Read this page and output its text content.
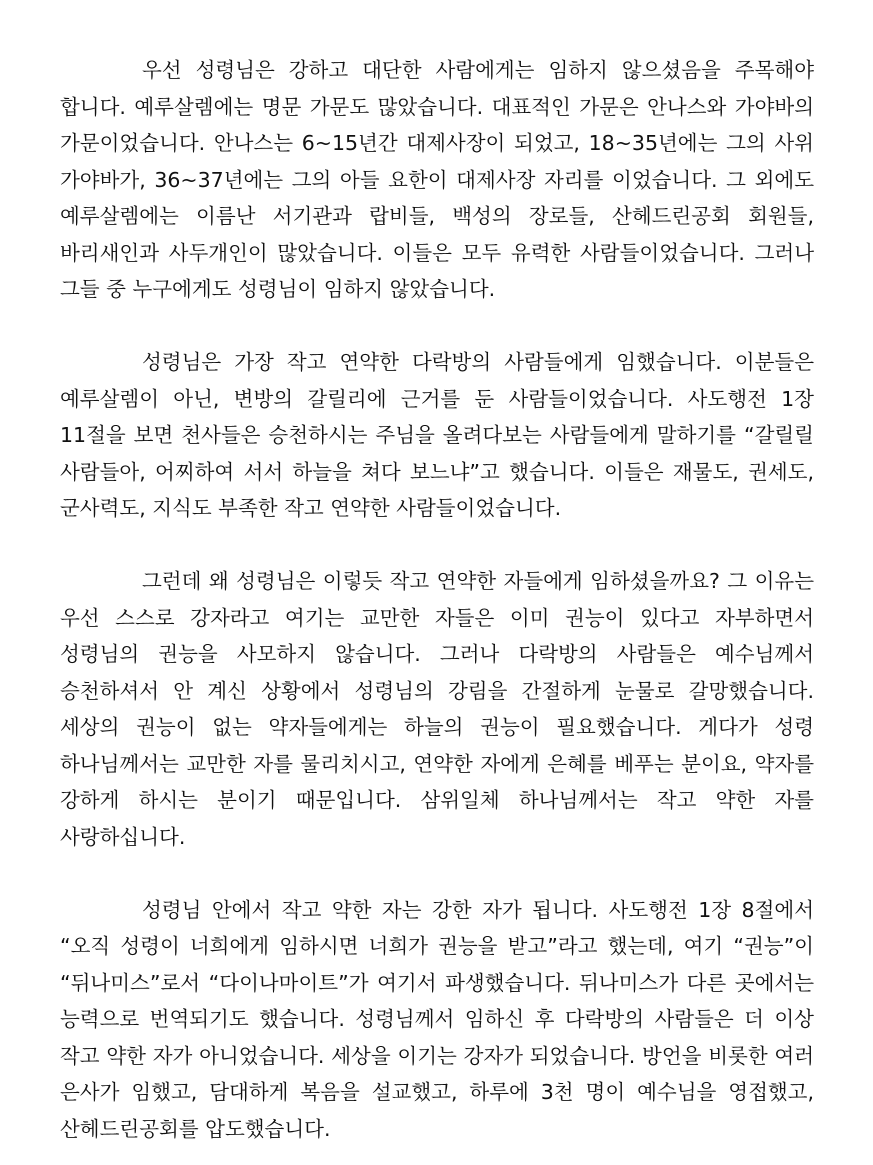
우선 성령님은 강하고 대단한 사람에게는 임하지 않으셨음을 주목해야 합니다. 예루살렘에는 명문 가문도 많았습니다. 대표적인 가문은 안나스와 가야바의 가문이었습니다. 안나스는 6~15년간 대제사장이 되었고, 18~35년에는 그의 사위 가야바가, 36~37년에는 그의 아들 요한이 대제사장 자리를 이었습니다. 그 외에도 예루살렘에는 이름난 서기관과 랍비들, 백성의 장로들, 산헤드린공회 회원들, 바리새인과 사두개인이 많았습니다. 이들은 모두 유력한 사람들이었습니다. 그러나 그들 중 누구에게도 성령님이 임하지 않았습니다.

성령님은 가장 작고 연약한 다락방의 사람들에게 임했습니다. 이분들은 예루살렘이 아닌, 변방의 갈릴리에 근거를 둔 사람들이었습니다. 사도행전 1장 11절을 보면 천사들은 승천하시는 주님을 올려다보는 사람들에게 말하기를 “갈릴릴 사람들아, 어찌하여 서서 하늘을 쳐다 보느냐”고 했습니다. 이들은 재물도, 권세도, 군사력도, 지식도 부족한 작고 연약한 사람들이었습니다.

그런데 왜 성령님은 이렇듯 작고 연약한 자들에게 임하셨을까요? 그 이유는 우선 스스로 강자라고 여기는 교만한 자들은 이미 권능이 있다고 자부하면서 성령님의 권능을 사모하지 않습니다. 그러나 다락방의 사람들은 예수님께서 승천하셔서 안 계신 상황에서 성령님의 강림을 간절하게 눈물로 갈망했습니다. 세상의 권능이 없는 약자들에게는 하늘의 권능이 필요했습니다. 게다가 성령 하나님께서는 교만한 자를 물리치시고, 연약한 자에게 은혜를 베푸는 분이요, 약자를 강하게 하시는 분이기 때문입니다. 삼위일체 하나님께서는 작고 약한 자를 사랑하십니다.

성령님 안에서 작고 약한 자는 강한 자가 됩니다. 사도행전 1장 8절에서 “오직 성령이 너희에게 임하시면 너희가 권능을 받고”라고 했는데, 여기 “권능”이 “뒤나미스”로서 “다이나마이트”가 여기서 파생했습니다. 뒤나미스가 다른 곳에서는 능력으로 번역되기도 했습니다. 성령님께서 임하신 후 다락방의 사람들은 더 이상 작고 약한 자가 아니었습니다. 세상을 이기는 강자가 되었습니다. 방언을 비롯한 여러 은사가 임했고, 담대하게 복음을 설교했고, 하루에 3천 명이 예수님을 영접했고, 산헤드린공회를 압도했습니다.
